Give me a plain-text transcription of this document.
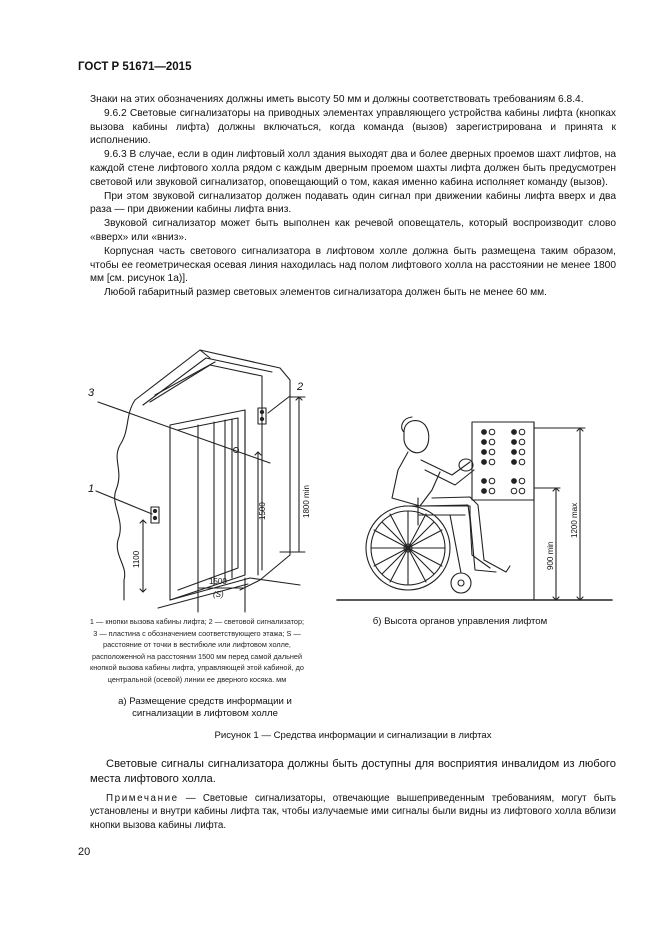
ГОСТ Р 51671—2015

Знаки на этих обозначениях должны иметь высоту 50 мм и должны соответствовать требованиям 6.8.4.

9.6.2 Световые сигнализаторы на приводных элементах управляющего устройства кабины лифта (кнопках вызова кабины лифта) должны включаться, когда команда (вызов) зарегистрирована и принята к исполнению.

9.6.3 В случае, если в один лифтовый холл здания выходят два и более дверных проемов шахт лифтов, на каждой стене лифтового холла рядом с каждым дверным проемом шахты лифта должен быть предусмотрен световой или звуковой сигнализатор, оповещающий о том, какая именно кабина исполняет команду (вызов).

При этом звуковой сигнализатор должен подавать один сигнал при движении кабины лифта вверх и два раза — при движении кабины лифта вниз.

Звуковой сигнализатор может быть выполнен как речевой оповещатель, который воспроизводит слово «вверх» или «вниз».

Корпусная часть светового сигнализатора в лифтовом холле должна быть размещена таким образом, чтобы ее геометрическая осевая линия находилась над полом лифтового холла на расстоянии не менее 1800 мм [см. рисунок 1а)].

Любой габаритный размер световых элементов сигнализатора должен быть не менее 60 мм.

3	2
1	1800 min
1500
1100
1500
(S)
900 min
1200 max
1 — кнопки вызова кабины лифта; 2 — световой сигнализатор; 3 — пластина с обозначением соответствующего этажа; S — расстояние от точки в вестибюле или лифтовом холле, расположенной на расстоянии 1500 мм перед самой дальней кнопкой вызова кабины лифта, управляющей этой кабиной, до центральной (осевой) линии ее дверного косяка. мм
а) Размещение средств информации и сигнализации в лифтовом холле
б) Высота органов управления лифтом
Рисунок 1 — Средства информации и сигнализации в лифтах

Световые сигналы сигнализатора должны быть доступны для восприятия инвалидом из любого места лифтового холла.

Примечание — Световые сигнализаторы, отвечающие вышеприведенным требованиям, могут быть установлены и внутри кабины лифта так, чтобы излучаемые ими сигналы были видны из лифтового холла вблизи кнопки вызова кабины лифта.

20
